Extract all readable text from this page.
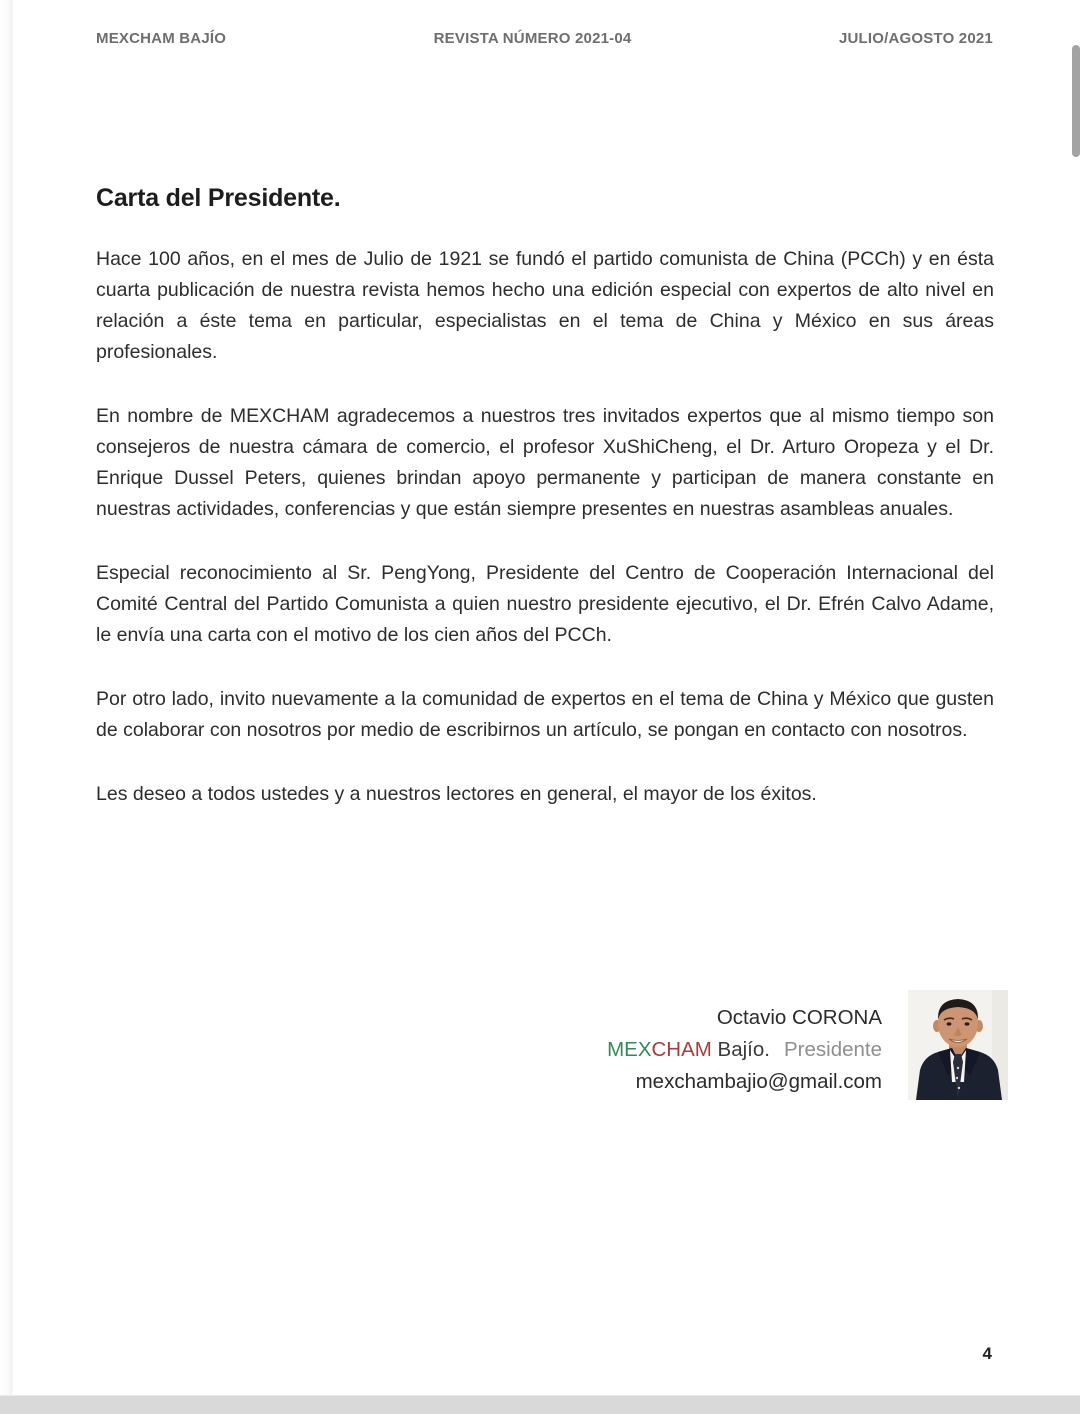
MEXCHAM BAJÍO	REVISTA NÚMERO 2021-04	JULIO/AGOSTO 2021
Carta del Presidente.

Hace 100 años, en el mes de Julio de 1921 se fundó el partido comunista de China (PCCh) y en ésta cuarta publicación de nuestra revista hemos hecho una edición especial con expertos de alto nivel en relación a éste tema en particular, especialistas en el tema de China y México en sus áreas profesionales.

En nombre de MEXCHAM agradecemos a nuestros tres invitados expertos que al mismo tiempo son consejeros de nuestra cámara de comercio, el profesor XuShiCheng, el Dr. Arturo Oropeza y el Dr. Enrique Dussel Peters, quienes brindan apoyo permanente y participan de manera constante en nuestras actividades, conferencias y que están siempre presentes en nuestras asambleas anuales.

Especial reconocimiento al Sr. PengYong, Presidente del Centro de Cooperación Internacional del Comité Central del Partido Comunista a quien nuestro presidente ejecutivo, el Dr. Efrén Calvo Adame, le envía una carta con el motivo de los cien años del PCCh.

Por otro lado, invito nuevamente a la comunidad de expertos en el tema de China y México que gusten de colaborar con nosotros por medio de escribirnos un artículo, se pongan en contacto con nosotros.

Les deseo a todos ustedes y a nuestros lectores en general, el mayor de los éxitos.

Octavio CORONA
MEXCHAM Bajío. Presidente
mexchambajio@gmail.com
4
